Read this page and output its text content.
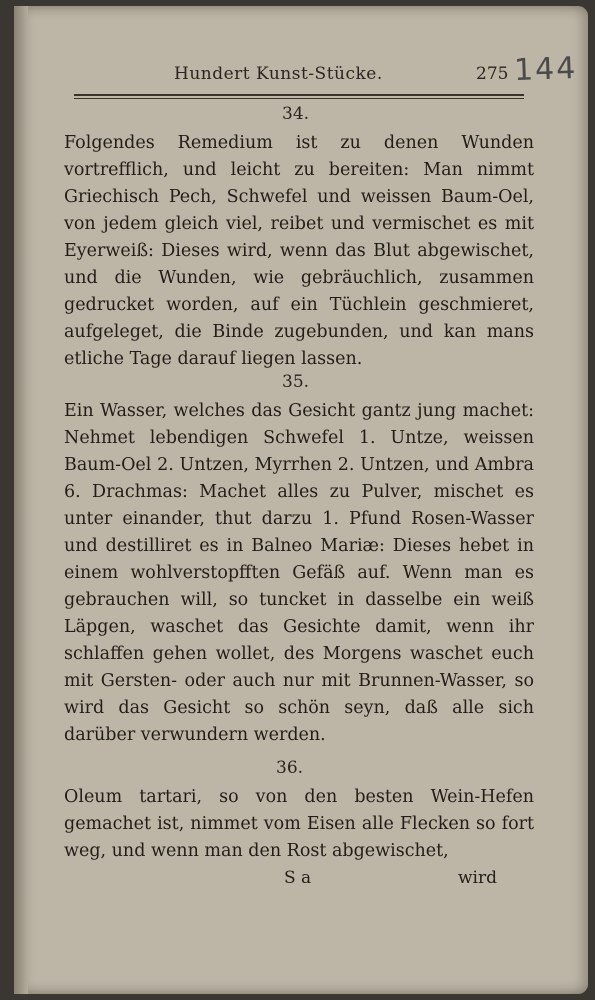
Hundert Kunst-Stücke.	275 144
34.

Folgendes Remedium ist zu denen Wunden vortrefflich, und leicht zu bereiten: Man nimmt Griechisch Pech, Schwefel und weissen Baum-Oel, von jedem gleich viel, reibet und vermischet es mit Eyerweiß: Dieses wird, wenn das Blut abgewischet, und die Wunden, wie gebräuchlich, zusammen gedrucket worden, auf ein Tüchlein geschmieret, aufgeleget, die Binde zugebunden, und kan mans etliche Tage darauf liegen lassen.

35.

Ein Wasser, welches das Gesicht gantz jung machet: Nehmet lebendigen Schwefel 1. Untze, weissen Baum-Oel 2. Untzen, Myrrhen 2. Untzen, und Ambra 6. Drachmas: Machet alles zu Pulver, mischet es unter einander, thut darzu 1. Pfund Rosen-Wasser und destilliret es in Balneo Mariæ: Dieses hebet in einem wohlverstopfften Gefäß auf. Wenn man es gebrauchen will, so tuncket in dasselbe ein weiß Läpgen, waschet das Gesichte damit, wenn ihr schlaffen gehen wollet, des Morgens waschet euch mit Gersten- oder auch nur mit Brunnen-Wasser, so wird das Gesicht so schön seyn, daß alle sich darüber verwundern werden.

36.

Oleum tartari, so von den besten Wein-Hefen gemachet ist, nimmet vom Eisen alle Flecken so fort weg, und wenn man den Rost abgewischet,

S a	wird
